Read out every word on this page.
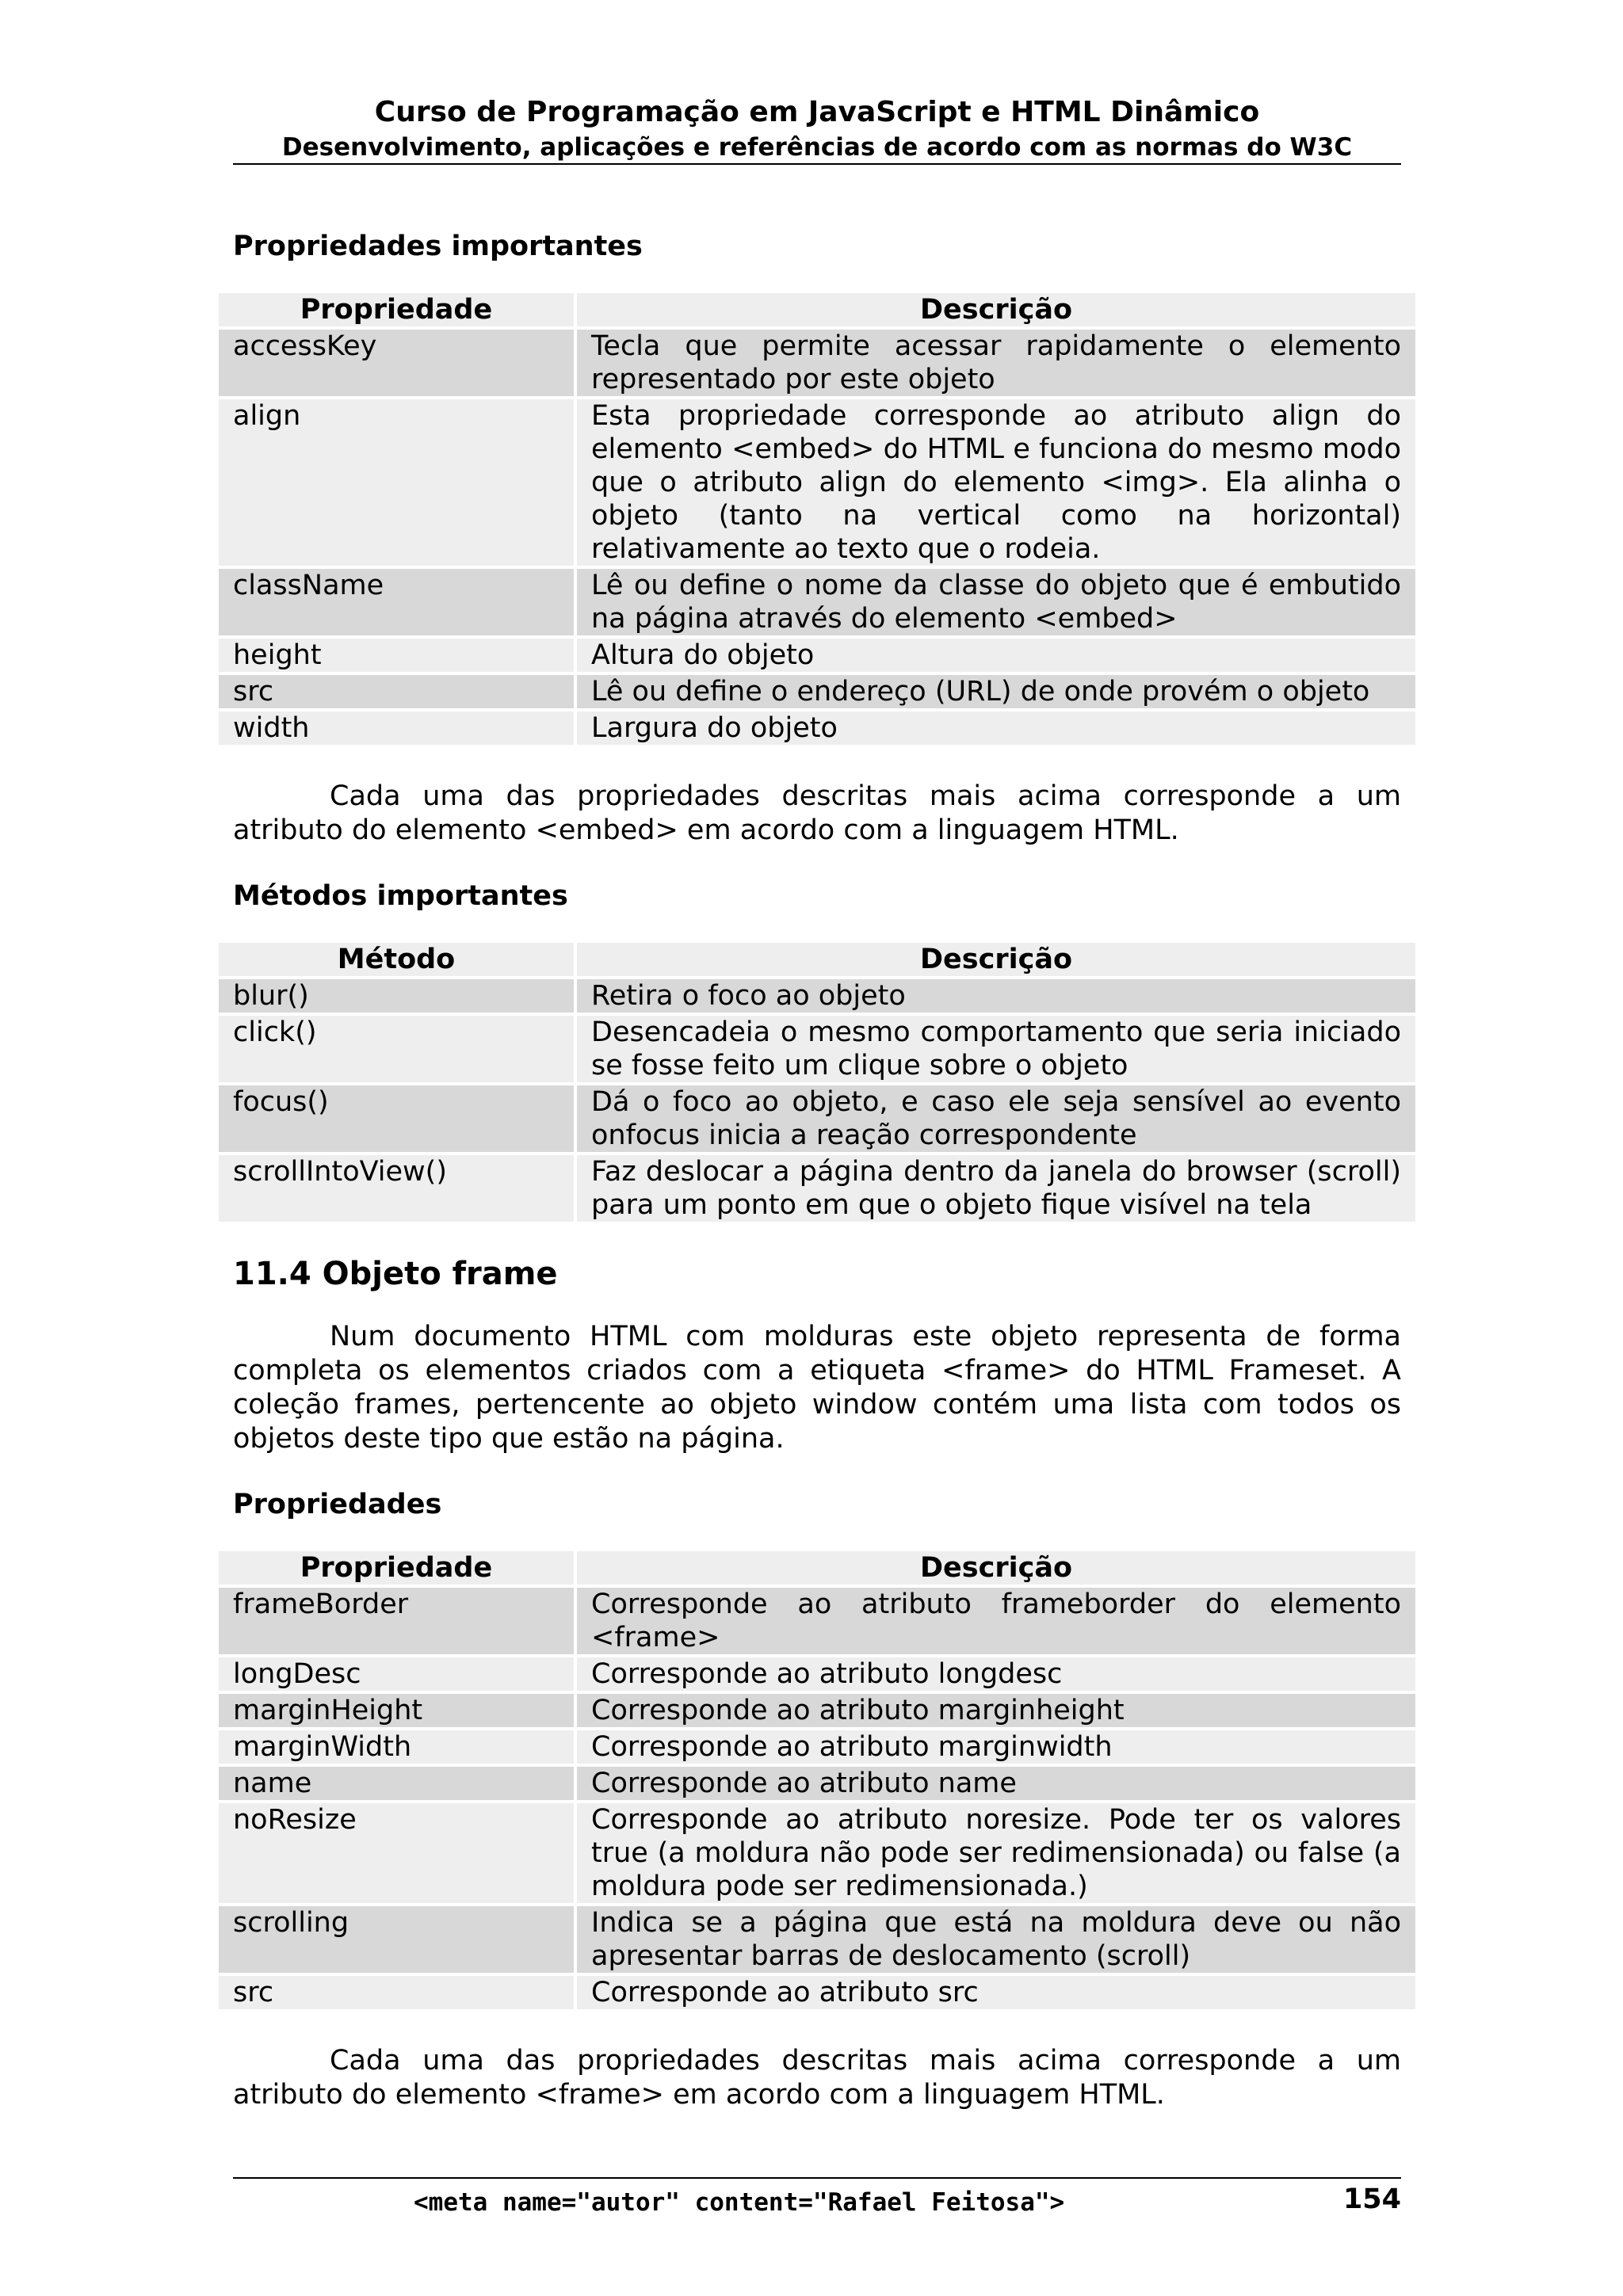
Curso de Programação em JavaScript e HTML Dinâmico
Desenvolvimento, aplicações e referências de acordo com as normas do W3C
Propriedades importantes
Propriedade	Descrição
accessKey	Tecla que permite acessar rapidamente o elemento representado por este objeto
align	Esta propriedade corresponde ao atributo align do elemento <embed> do HTML e funciona do mesmo modo que o atributo align do elemento <img>. Ela alinha o objeto (tanto na vertical como na horizontal) relativamente ao texto que o rodeia.
className	Lê ou define o nome da classe do objeto que é embutido na página através do elemento <embed>
height	Altura do objeto
src	Lê ou define o endereço (URL) de onde provém o objeto
width	Largura do objeto

Cada uma das propriedades descritas mais acima corresponde a um atributo do elemento <embed> em acordo com a linguagem HTML.

Métodos importantes
Método	Descrição
blur()	Retira o foco ao objeto
click()	Desencadeia o mesmo comportamento que seria iniciado se fosse feito um clique sobre o objeto
focus()	Dá o foco ao objeto, e caso ele seja sensível ao evento onfocus inicia a reação correspondente
scrollIntoView()	Faz deslocar a página dentro da janela do browser (scroll) para um ponto em que o objeto fique visível na tela
11.4 Objeto frame

Num documento HTML com molduras este objeto representa de forma completa os elementos criados com a etiqueta <frame> do HTML Frameset. A coleção frames, pertencente ao objeto window contém uma lista com todos os objetos deste tipo que estão na página.

Propriedades
Propriedade	Descrição
frameBorder	Corresponde ao atributo frameborder do elemento <frame>
longDesc	Corresponde ao atributo longdesc
marginHeight	Corresponde ao atributo marginheight
marginWidth	Corresponde ao atributo marginwidth
name	Corresponde ao atributo name
noResize	Corresponde ao atributo noresize. Pode ter os valores true (a moldura não pode ser redimensionada) ou false (a moldura pode ser redimensionada.)
scrolling	Indica se a página que está na moldura deve ou não apresentar barras de deslocamento (scroll)
src	Corresponde ao atributo src

Cada uma das propriedades descritas mais acima corresponde a um atributo do elemento <frame> em acordo com a linguagem HTML.

<meta name="autor" content="Rafael Feitosa">	154
